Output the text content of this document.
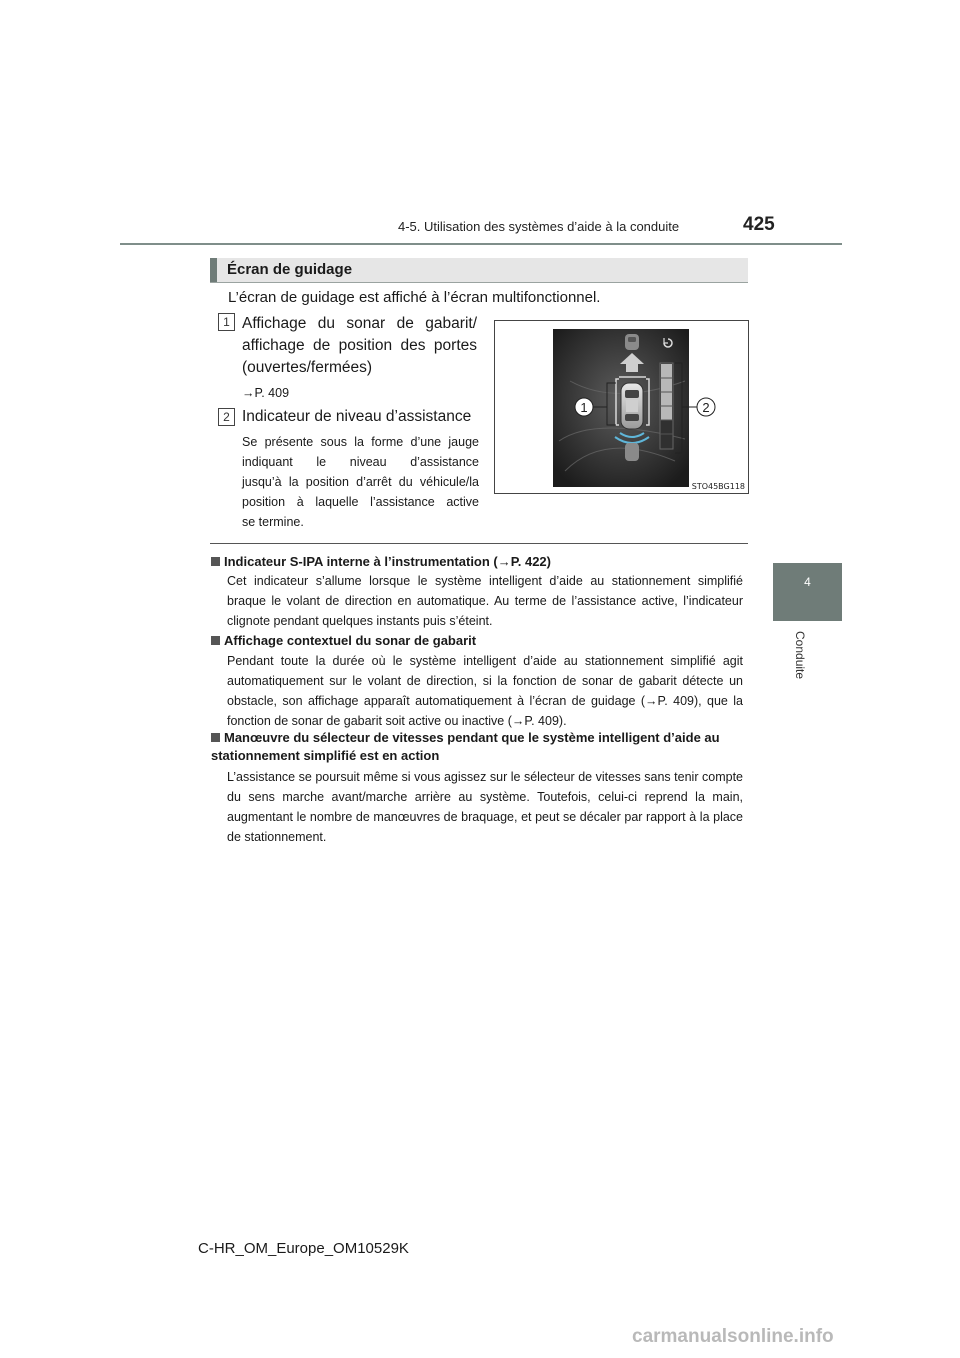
4-5. Utilisation des systèmes d’aide à la conduite	425
4
Conduite
Écran de guidage
L’écran de guidage est affiché à l’écran multifonctionnel.
1 Affichage du sonar de gabarit/
affichage de position des portes
(ouvertes/fermées)
→P. 409
2 Indicateur de niveau d’assistance
Se présente sous la forme d’une jauge
indiquant le niveau d’assistance
jusqu’à la position d’arrêt du véhicule/la
position à laquelle l’assistance active
se termine.
1	2
STO45BG118
Indicateur S-IPA interne à l’instrumentation (→P. 422)
Cet indicateur s’allume lorsque le système intelligent d’aide au stationnement simplifié braque le volant de direction en automatique. Au terme de l’assistance active, l’indicateur clignote pendant quelques instants puis s’éteint.
Affichage contextuel du sonar de gabarit
Pendant toute la durée où le système intelligent d’aide au stationnement simplifié agit automatiquement sur le volant de direction, si la fonction de sonar de gabarit détecte un obstacle, son affichage apparaît automatiquement à l’écran de guidage (→P. 409), que la fonction de sonar de gabarit soit active ou inactive (→P. 409).
Manœuvre du sélecteur de vitesses pendant que le système intelligent d’aide au stationnement simplifié est en action
L’assistance se poursuit même si vous agissez sur le sélecteur de vitesses sans tenir compte du sens marche avant/marche arrière au système. Toutefois, celui-ci reprend la main, augmentant le nombre de manœuvres de braquage, et peut se décaler par rapport à la place de stationnement.
C-HR_OM_Europe_OM10529K
carmanualsonline.info
